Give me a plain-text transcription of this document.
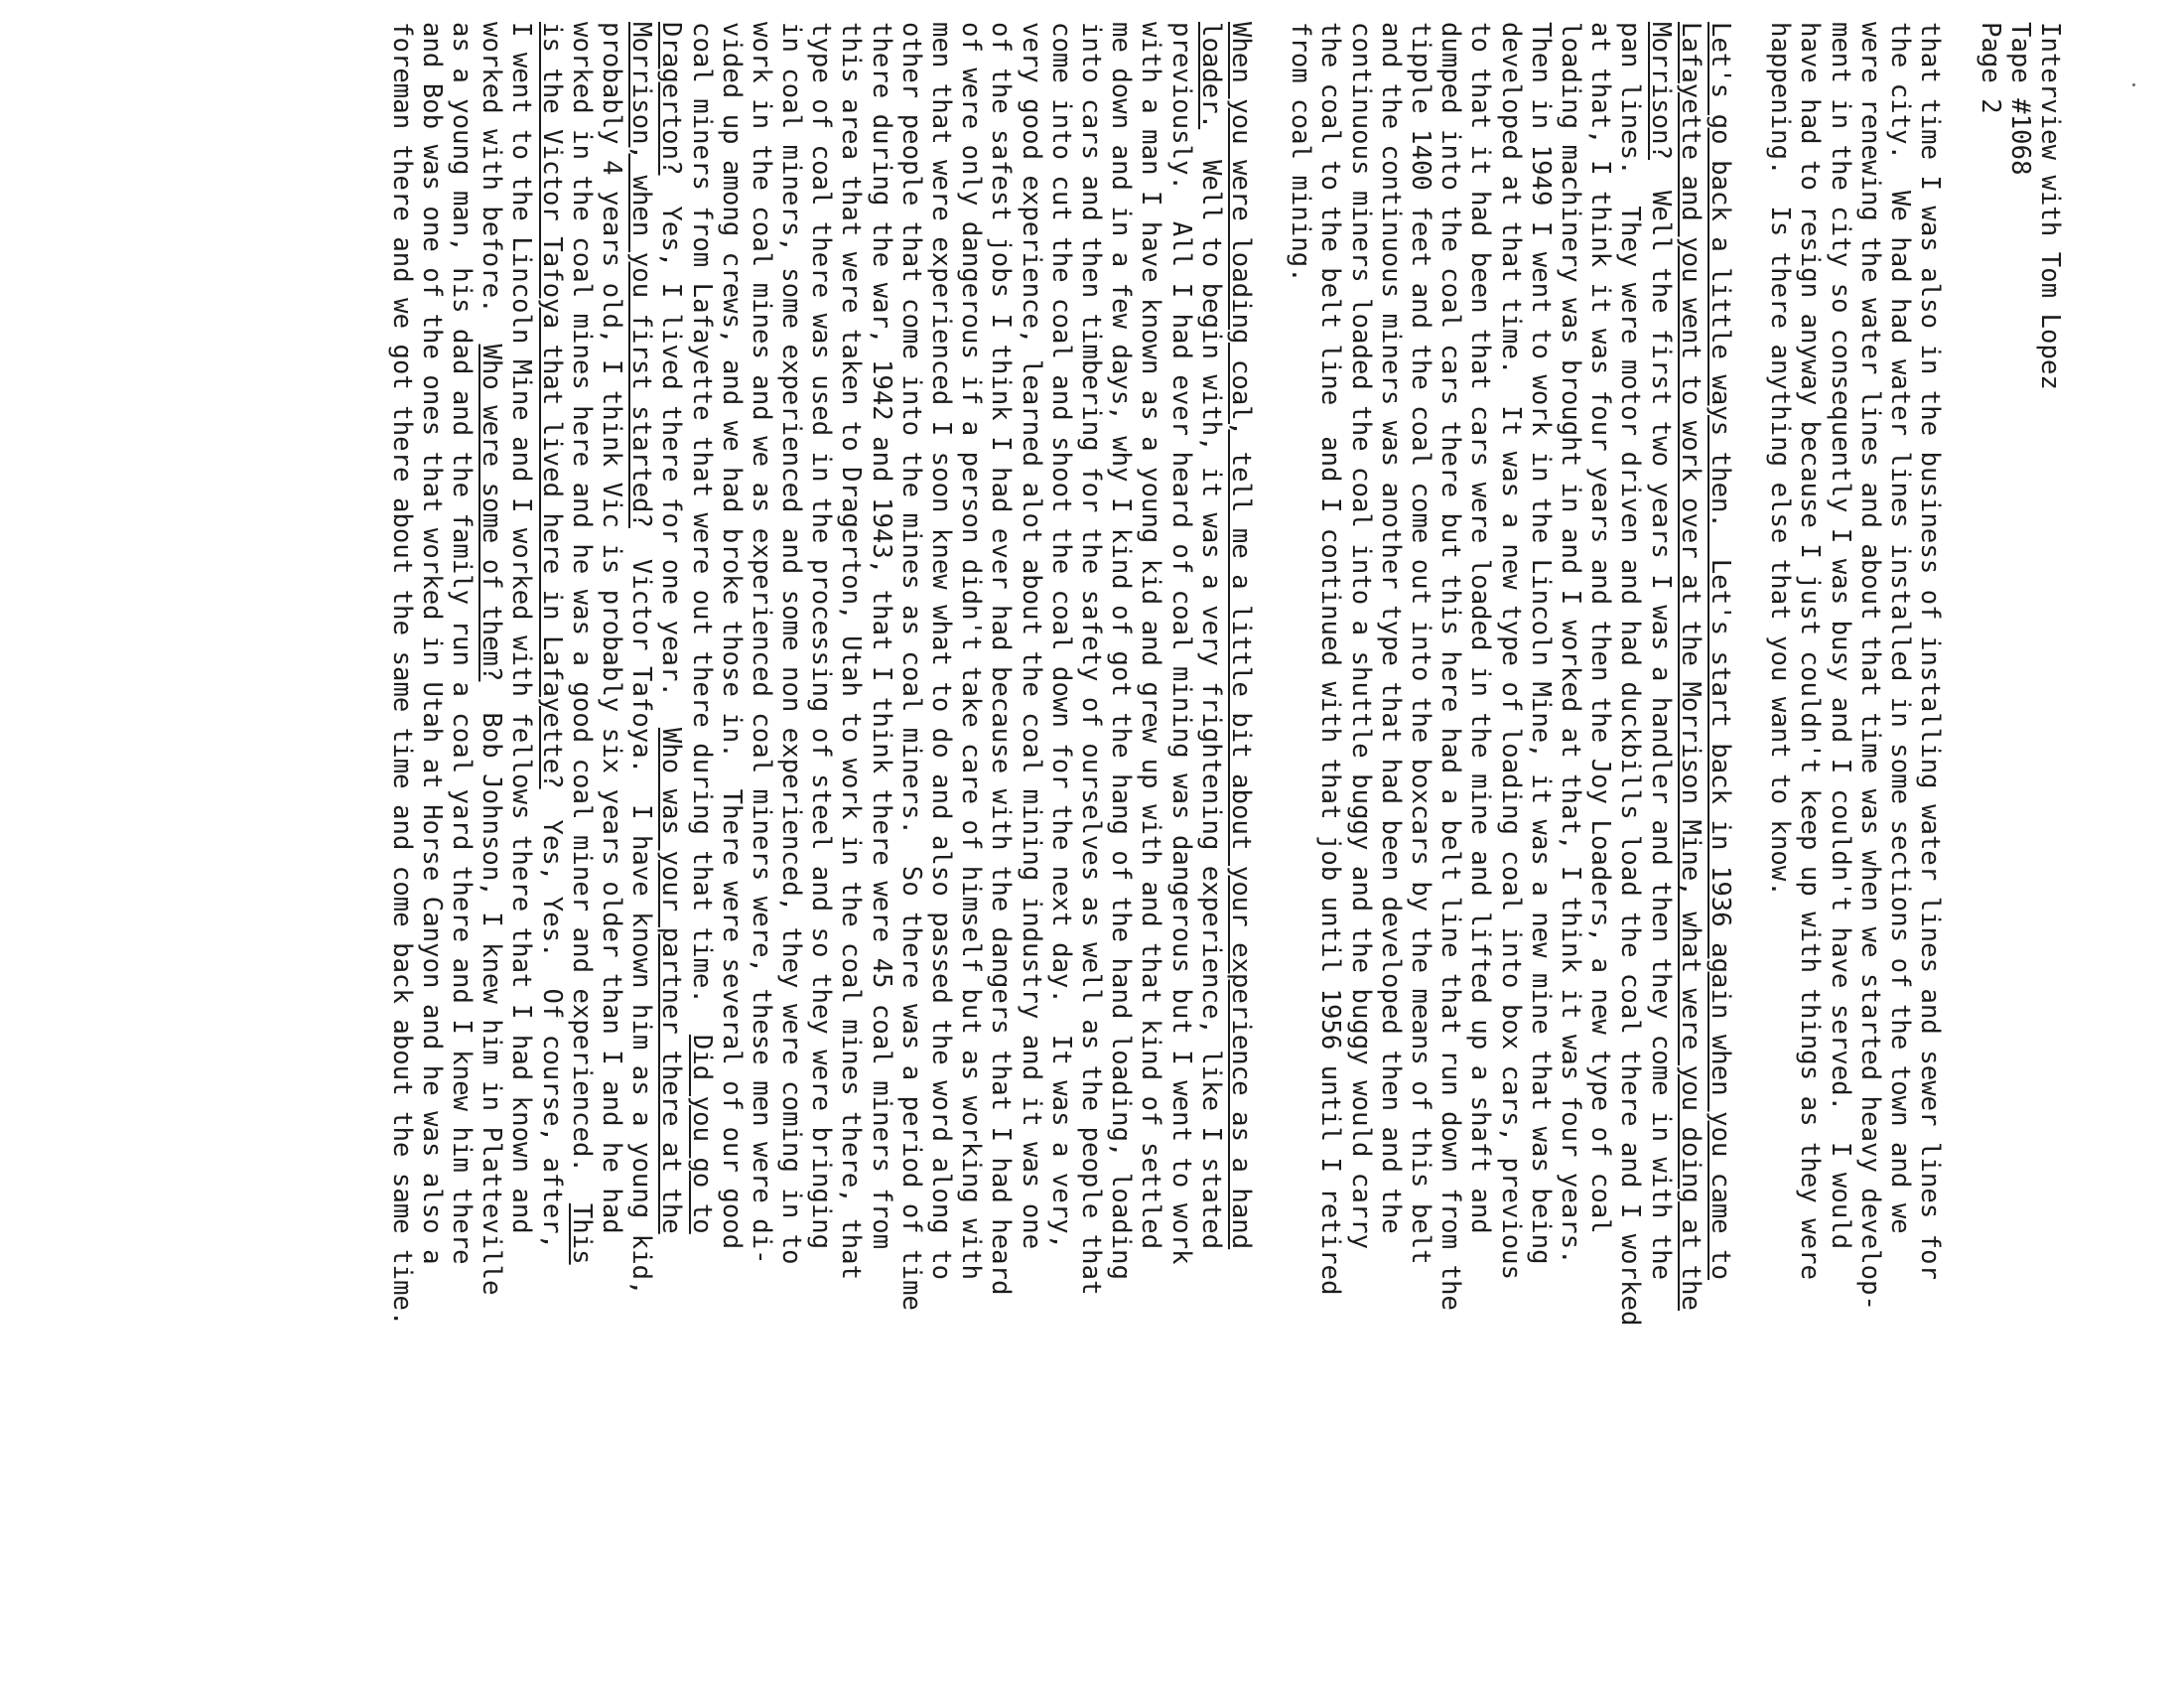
Interview with Tom Lopez
Tape #1068
Page 2
that time I was also in the business of installing water lines and sewer lines for
the city.  We had had water lines installed in some sections of the town and we
were renewing the water lines and about that time was when we started heavy develop-
ment in the city so consequently I was busy and I couldn't have served.  I would
have had to resign anyway because I just couldn't keep up with things as they were
happening.  Is there anything else that you want to know.
Let's go back a little ways then.  Let's start back in 1936 again when you came to
Lafayette and you went to work over at the Morrison Mine, what were you doing at the
Morrison?  Well the first two years I was a handler and then they come in with the
pan lines.  They were motor driven and had duckbills load the coal there and I worked
at that, I think it was four years and then the Joy Loaders, a new type of coal
loading machinery was brought in and I worked at that, I think it was four years.
Then in 1949 I went to work in the Lincoln Mine, it was a new mine that was being
developed at that time.  It was a new type of loading coal into box cars, previous
to that it had been that cars were loaded in the mine and lifted up a shaft and
dumped into the coal cars there but this here had a belt line that run down from the
tipple 1400 feet and the coal come out into the boxcars by the means of this belt
and the continuous miners was another type that had been developed then and the
continuous miners loaded the coal into a shuttle buggy and the buggy would carry
the coal to the belt line  and I continued with that job until 1956 until I retired
from coal mining.
When you were loading coal, tell me a little bit about your experience as a hand
loader.  Well to begin with, it was a very frightening experience, like I stated
previously.  All I had ever heard of coal mining was dangerous but I went to work
with a man I have known as a young kid and grew up with and that kind of settled
me down and in a few days, why I kind of got the hang of the hand loading, loading
into cars and then timbering for the safety of ourselves as well as the people that
come into cut the coal and shoot the coal down for the next day.  It was a very,
very good experience, learned alot about the coal mining industry and it was one
of the safest jobs I think I had ever had because with the dangers that I had heard
of were only dangerous if a person didn't take care of himself but as working with
men that were experienced I soon knew what to do and also passed the word along to
other people that come into the mines as coal miners.  So there was a period of time
there during the war, 1942 and 1943, that I think there were 45 coal miners from
this area that were taken to Dragerton, Utah to work in the coal mines there, that
type of coal there was used in the processing of steel and so they were bringing
in coal miners, some experienced and some non experienced, they were coming in to
work in the coal mines and we as experienced coal miners were, these men were di-
vided up among crews, and we had broke those in.  There were several of our good
coal miners from Lafayette that were out there during that time.  Did you go to
Dragerton?  Yes, I lived there for one year.  Who was your partner there at the
Morrison, when you first started?  Victor Tafoya.  I have known him as a young kid,
probably 4 years old, I think Vic is probably six years older than I and he had
worked in the coal mines here and he was a good coal miner and experienced.  This
is the Victor Tafoya that lived here in Lafayette?  Yes, Yes.  Of course, after,
I went to the Lincoln Mine and I worked with fellows there that I had known and
worked with before.  Who were some of them?  Bob Johnson, I knew him in Platteville
as a young man, his dad and the family run a coal yard there and I knew him there
and Bob was one of the ones that worked in Utah at Horse Canyon and he was also a
foreman there and we got there about the same time and come back about the same time.
